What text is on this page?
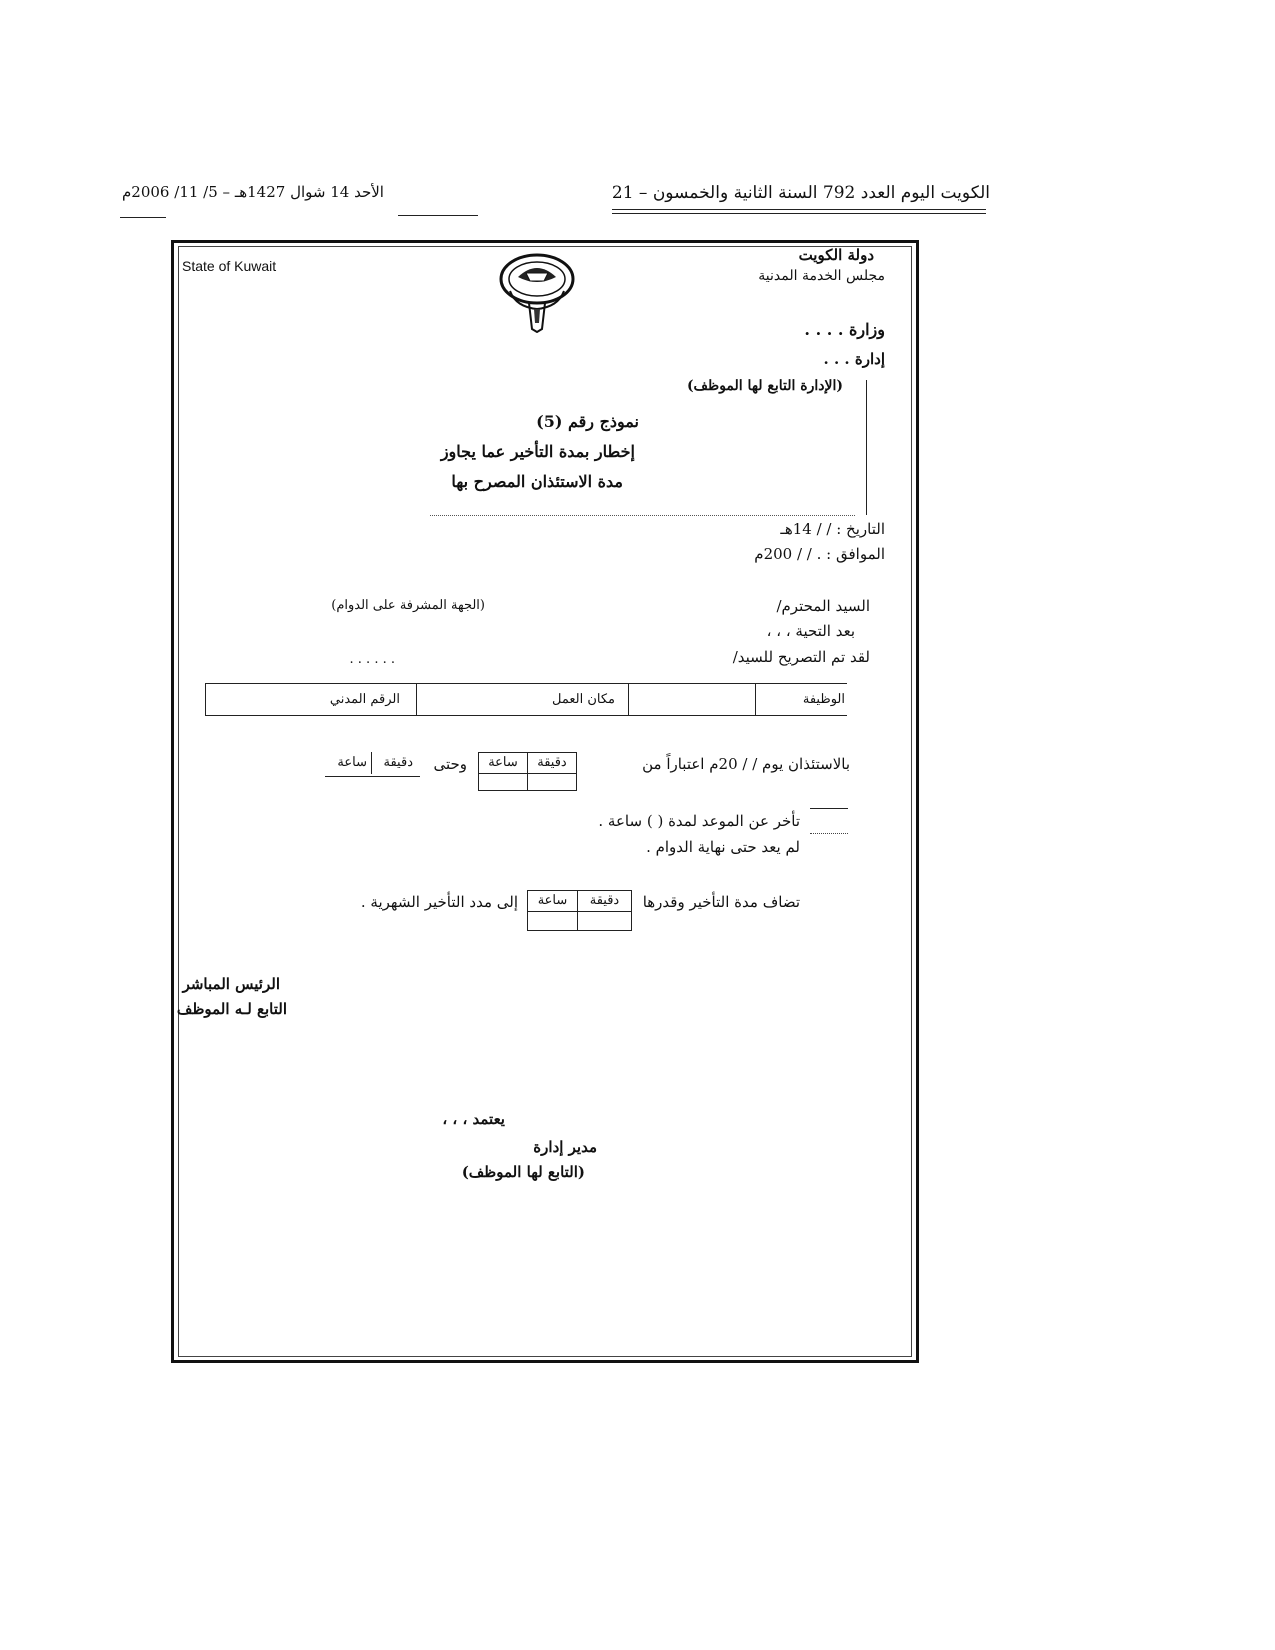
الكويت اليوم العدد 792 السنة الثانية والخمسون – 21
الأحد 14 شوال 1427هـ – 5/ 11/ 2006م
State of Kuwait
دولة الكويت
مجلس الخدمة المدنية
وزارة . . . .
إدارة . . .
(الإدارة التابع لها الموظف)
نموذج رقم (5)
إخطار بمدة التأخير عما يجاوز
مدة الاستئذان المصرح بها
التاريخ : / / 14هـ
الموافق : . / / 200م
السيد المحترم/
(الجهة المشرفة على الدوام)
بعد التحية ، ، ،
لقد تم التصريح للسيد/
. . . . . .
الوظيفة
مكان العمل
الرقم المدني
بالاستئذان يوم / / 20م اعتباراً من
دقيقة
ساعة
وحتى
دقيقة
ساعة
تأخر عن الموعد لمدة ( ) ساعة .
لم يعد حتى نهاية الدوام .
تضاف مدة التأخير وقدرها
دقيقة
ساعة
إلى مدد التأخير الشهرية .
الرئيس المباشر
التابع لـه الموظف
يعتمد ، ، ،
مدير إدارة
(التابع لها الموظف)
